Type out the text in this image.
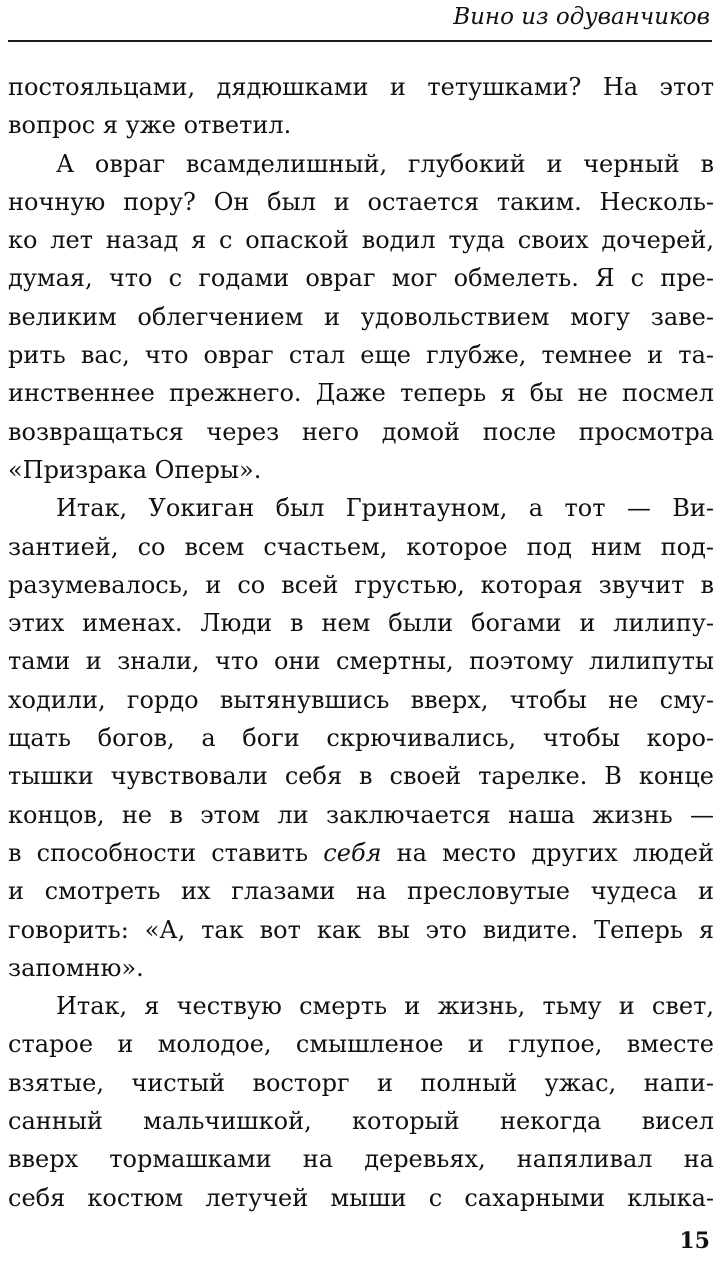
Вино из одуванчиков
постояльцами, дядюшками и тетушками? На этот
вопрос я уже ответил.
А овраг всамделишный, глубокий и черный в
ночную пору? Он был и остается таким. Несколь-
ко лет назад я с опаской водил туда своих дочерей,
думая, что с годами овраг мог обмелеть. Я с пре-
великим облегчением и удовольствием могу заве-
рить вас, что овраг стал еще глубже, темнее и та-
инственнее прежнего. Даже теперь я бы не посмел
возвращаться через него домой после просмотра
«Призрака Оперы».
Итак, Уокиган был Гринтауном, а тот — Ви-
зантией, со всем счастьем, которое под ним под-
разумевалось, и со всей грустью, которая звучит в
этих именах. Люди в нем были богами и лилипу-
тами и знали, что они смертны, поэтому лилипуты
ходили, гордо вытянувшись вверх, чтобы не сму-
щать богов, а боги скрючивались, чтобы коро-
тышки чувствовали себя в своей тарелке. В конце
концов, не в этом ли заключается наша жизнь —
в способности ставить себя на место других людей
и смотреть их глазами на пресловутые чудеса и
говорить: «А, так вот как вы это видите. Теперь я
запомню».
Итак, я чествую смерть и жизнь, тьму и свет,
старое и молодое, смышленое и глупое, вместе
взятые, чистый восторг и полный ужас, напи-
санный мальчишкой, который некогда висел
вверх тормашками на деревьях, напяливал на
себя костюм летучей мыши с сахарными клыка-
15
